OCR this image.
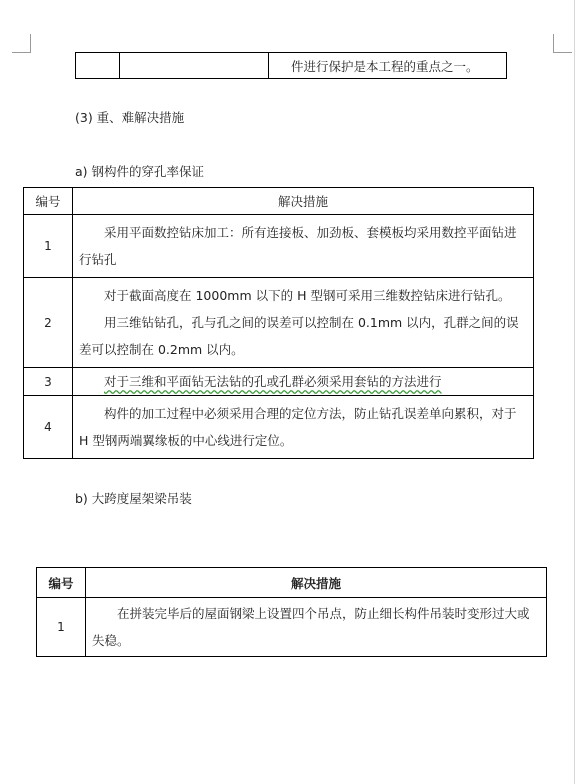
		件进行保护是本工程的重点之一。
(3) 重、难解决措施
a) 钢构件的穿孔率保证
编号	解决措施
1	采用平面数控钻床加工：所有连接板、加劲板、套模板均采用数控平面钻进行钻孔

2	对于截面高度在 1000mm 以下的 H 型钢可采用三维数控钻床进行钻孔。
用三维钻钻孔，孔与孔之间的误差可以控制在 0.1mm 以内，孔群之间的误差可以控制在 0.2mm 以内。

3	对于三维和平面钻无法钻的孔或孔群必须采用套钻的方法进行

4	构件的加工过程中必须采用合理的定位方法，防止钻孔误差单向累积，对于 H 型钢两端翼缘板的中心线进行定位。
b) 大跨度屋架梁吊装
编号	解决措施
1	在拼装完毕后的屋面钢梁上设置四个吊点，防止细长构件吊装时变形过大或失稳。
